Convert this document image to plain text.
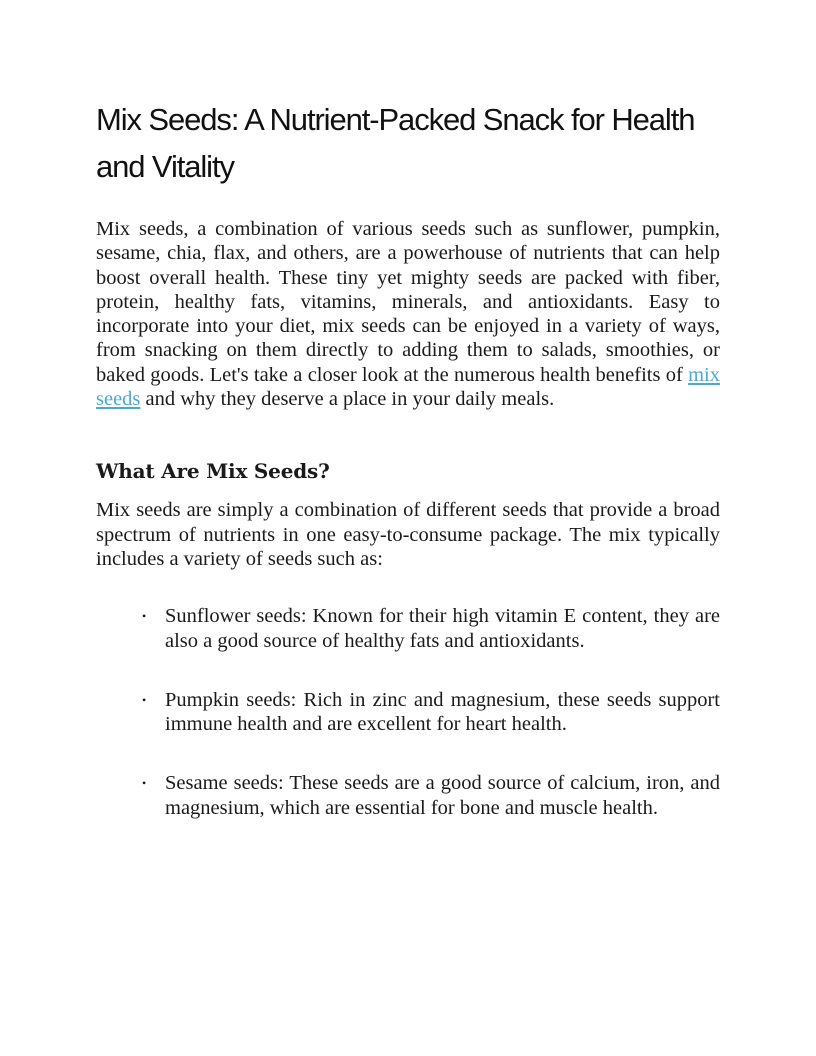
Mix Seeds: A Nutrient-Packed Snack for Health and Vitality

Mix seeds, a combination of various seeds such as sunflower, pumpkin, sesame, chia, flax, and others, are a powerhouse of nutrients that can help boost overall health. These tiny yet mighty seeds are packed with fiber, protein, healthy fats, vitamins, minerals, and antioxidants. Easy to incorporate into your diet, mix seeds can be enjoyed in a variety of ways, from snacking on them directly to adding them to salads, smoothies, or baked goods. Let's take a closer look at the numerous health benefits of mix seeds and why they deserve a place in your daily meals.

What Are Mix Seeds?

Mix seeds are simply a combination of different seeds that provide a broad spectrum of nutrients in one easy-to-consume package. The mix typically includes a variety of seeds such as:

• Sunflower seeds: Known for their high vitamin E content, they are also a good source of healthy fats and antioxidants.
• Pumpkin seeds: Rich in zinc and magnesium, these seeds support immune health and are excellent for heart health.
• Sesame seeds: These seeds are a good source of calcium, iron, and magnesium, which are essential for bone and muscle health.
